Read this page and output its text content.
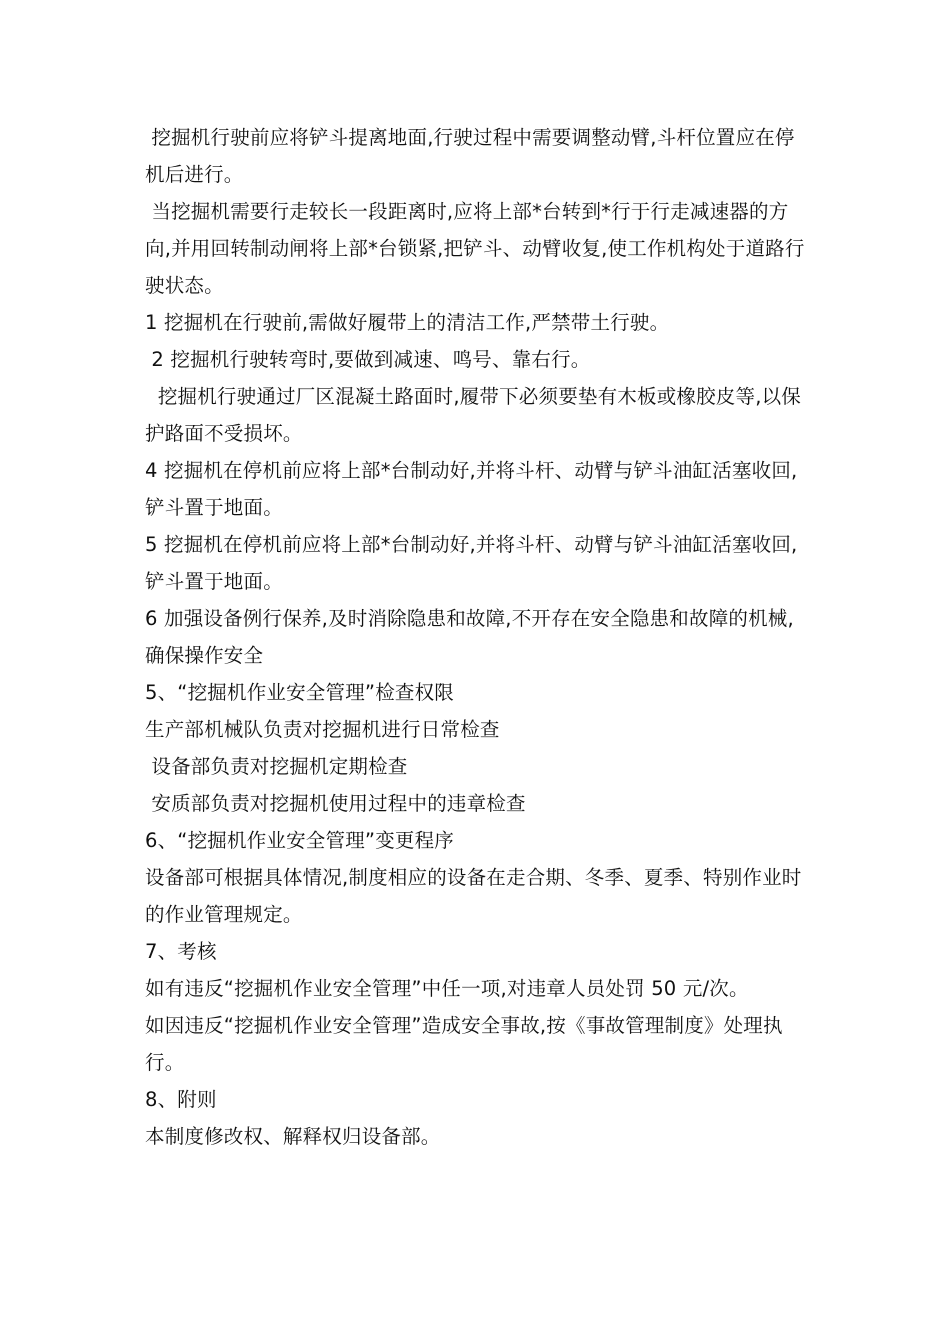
挖掘机行驶前应将铲斗提离地面,行驶过程中需要调整动臂,斗杆位置应在停机后进行。

当挖掘机需要行走较长一段距离时,应将上部*台转到*行于行走减速器的方向,并用回转制动闸将上部*台锁紧,把铲斗、动臂收复,使工作机构处于道路行驶状态。

1 挖掘机在行驶前,需做好履带上的清洁工作,严禁带土行驶。

2 挖掘机行驶转弯时,要做到减速、鸣号、靠右行。

挖掘机行驶通过厂区混凝土路面时,履带下必须要垫有木板或橡胶皮等,以保护路面不受损坏。

4 挖掘机在停机前应将上部*台制动好,并将斗杆、动臂与铲斗油缸活塞收回,铲斗置于地面。

5 挖掘机在停机前应将上部*台制动好,并将斗杆、动臂与铲斗油缸活塞收回,铲斗置于地面。

6 加强设备例行保养,及时消除隐患和故障,不开存在安全隐患和故障的机械,确保操作安全

5、“挖掘机作业安全管理”检查权限

生产部机械队负责对挖掘机进行日常检查

设备部负责对挖掘机定期检查

安质部负责对挖掘机使用过程中的违章检查

6、“挖掘机作业安全管理”变更程序

设备部可根据具体情况,制度相应的设备在走合期、冬季、夏季、特别作业时的作业管理规定。

7、考核

如有违反“挖掘机作业安全管理”中任一项,对违章人员处罚 50 元/次。

如因违反“挖掘机作业安全管理”造成安全事故,按《事故管理制度》处理执行。

8、附则

本制度修改权、解释权归设备部。
